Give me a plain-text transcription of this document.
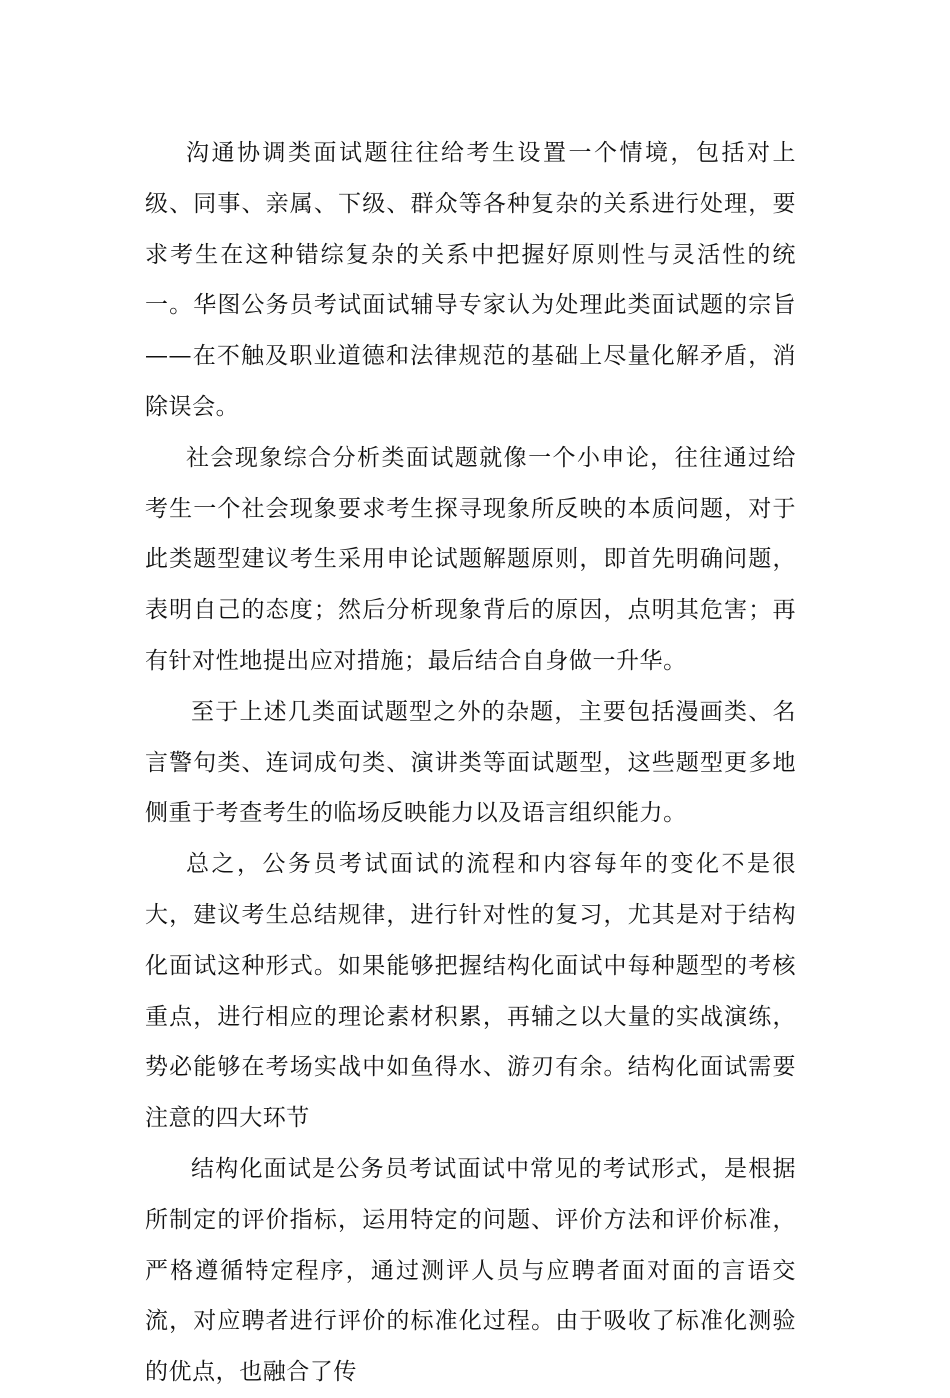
沟通协调类面试题往往给考生设置一个情境，包括对上级、同事、亲属、下级、群众等各种复杂的关系进行处理，要求考生在这种错综复杂的关系中把握好原则性与灵活性的统一。华图公务员考试面试辅导专家认为处理此类面试题的宗旨——在不触及职业道德和法律规范的基础上尽量化解矛盾，消除误会。

社会现象综合分析类面试题就像一个小申论，往往通过给考生一个社会现象要求考生探寻现象所反映的本质问题，对于此类题型建议考生采用申论试题解题原则，即首先明确问题，表明自己的态度；然后分析现象背后的原因，点明其危害；再有针对性地提出应对措施；最后结合自身做一升华。

至于上述几类面试题型之外的杂题，主要包括漫画类、名言警句类、连词成句类、演讲类等面试题型，这些题型更多地侧重于考查考生的临场反映能力以及语言组织能力。

总之，公务员考试面试的流程和内容每年的变化不是很大，建议考生总结规律，进行针对性的复习，尤其是对于结构化面试这种形式。如果能够把握结构化面试中每种题型的考核重点，进行相应的理论素材积累，再辅之以大量的实战演练，势必能够在考场实战中如鱼得水、游刃有余。结构化面试需要注意的四大环节

结构化面试是公务员考试面试中常见的考试形式，是根据所制定的评价指标，运用特定的问题、评价方法和评价标准，严格遵循特定程序，通过测评人员与应聘者面对面的言语交流，对应聘者进行评价的标准化过程。由于吸收了标准化测验的优点，也融合了传
